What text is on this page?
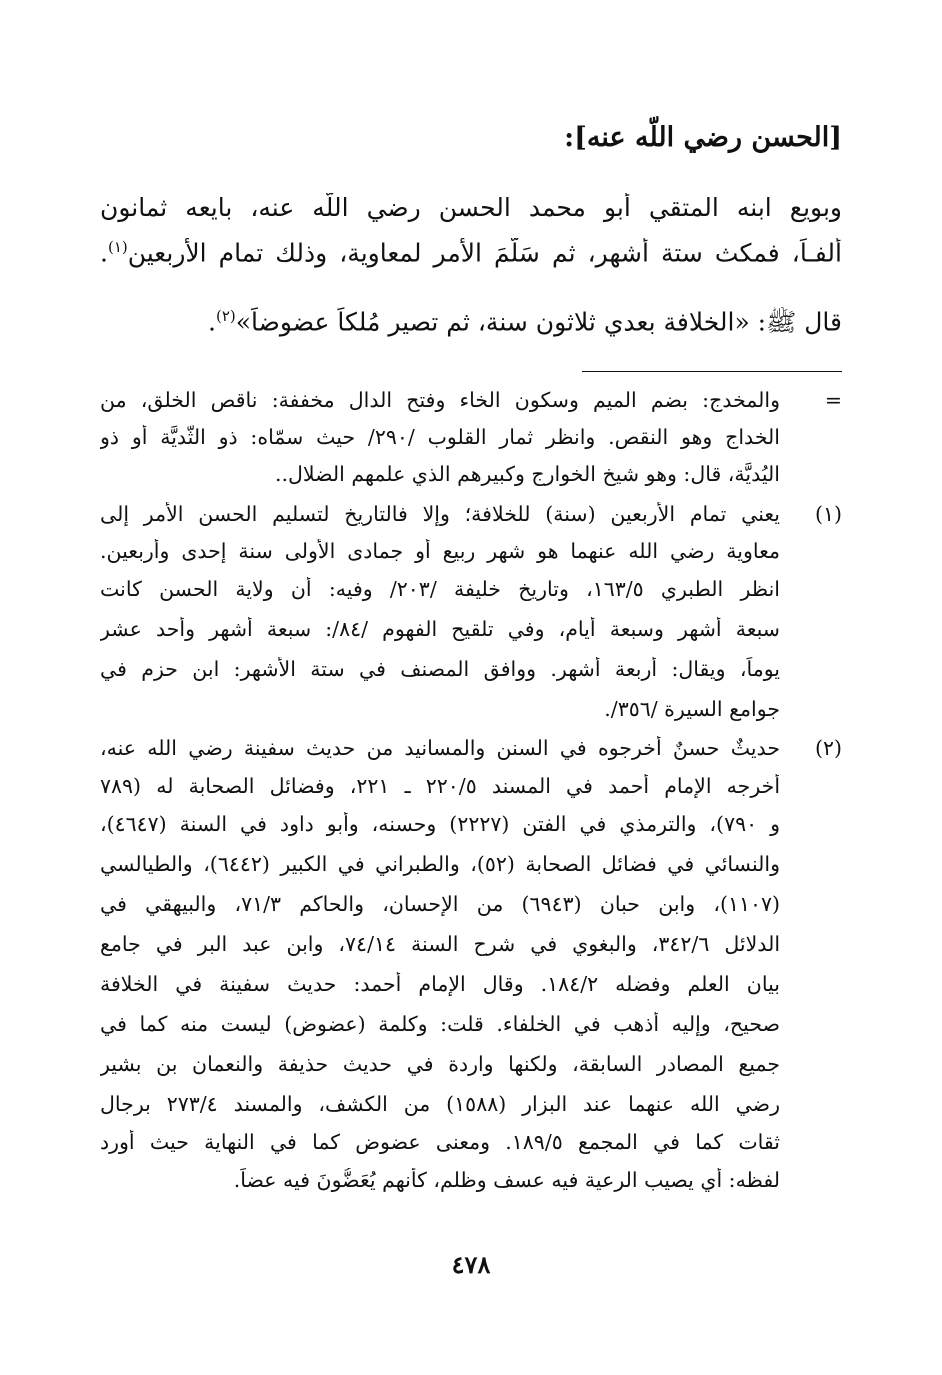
[الحسن رضي اللّه عنه]:
وبويع ابنه المتقي أبو محمد الحسن رضي اللّه عنه، بايعه ثمانون
ألفـاً، فمكث ستة أشهر، ثم سَلَّمَ الأمر لمعاوية، وذلك تمام الأربعين$^{(١)}$.
قال ﷺ: «الخلافة بعدي ثلاثون سنة، ثم تصير مُلكاً عضوضاً»$^{(٢)}$.
=
والمخدج: بضم الميم وسكون الخاء وفتح الدال مخففة: ناقص الخلق، من
الخداج وهو النقص. وانظر ثمار القلوب /٢٩٠/ حيث سمّاه: ذو الثُّديَّة أو ذو
اليُديَّة، قال: وهو شيخ الخوارج وكبيرهم الذي علمهم الضلال..
(١)
يعني تمام الأربعين (سنة) للخلافة؛ وإلا فالتاريخ لتسليم الحسن الأمر إلى
معاوية رضي الله عنهما هو شهر ربيع أو جمادى الأولى سنة إحدى وأربعين.
انظر الطبري ١٦٣/٥، وتاريخ خليفة /٢٠٣/ وفيه: أن ولاية الحسن كانت
سبعة أشهر وسبعة أيام، وفي تلقيح الفهوم /٨٤/: سبعة أشهر وأحد عشر
يوماً، ويقال: أربعة أشهر. ووافق المصنف في ستة الأشهر: ابن حزم في
جوامع السيرة /٣٥٦/.
(٢)
حديثٌ حسنٌ أخرجوه في السنن والمسانيد من حديث سفينة رضي الله عنه،
أخرجه الإمام أحمد في المسند ٢٢٠/٥ ـ ٢٢١، وفضائل الصحابة له (٧٨٩
و ٧٩٠)، والترمذي في الفتن (٢٢٢٧) وحسنه، وأبو داود في السنة (٤٦٤٧)،
والنسائي في فضائل الصحابة (٥٢)، والطبراني في الكبير (٦٤٤٢)، والطيالسي
(١١٠٧)، وابن حبان (٦٩٤٣) من الإحسان، والحاكم ٧١/٣، والبيهقي في
الدلائل ٣٤٢/٦، والبغوي في شرح السنة ٧٤/١٤، وابن عبد البر في جامع
بيان العلم وفضله ١٨٤/٢. وقال الإمام أحمد: حديث سفينة في الخلافة
صحيح، وإليه أذهب في الخلفاء. قلت: وكلمة (عضوض) ليست منه كما في
جميع المصادر السابقة، ولكنها واردة في حديث حذيفة والنعمان بن بشير
رضي الله عنهما عند البزار (١٥٨٨) من الكشف، والمسند ٢٧٣/٤ برجال
ثقات كما في المجمع ١٨٩/٥. ومعنى عضوض كما في النهاية حيث أورد
لفظه: أي يصيب الرعية فيه عسف وظلم، كأنهم يُعَضُّونَ فيه عضاً.
٤٧٨
